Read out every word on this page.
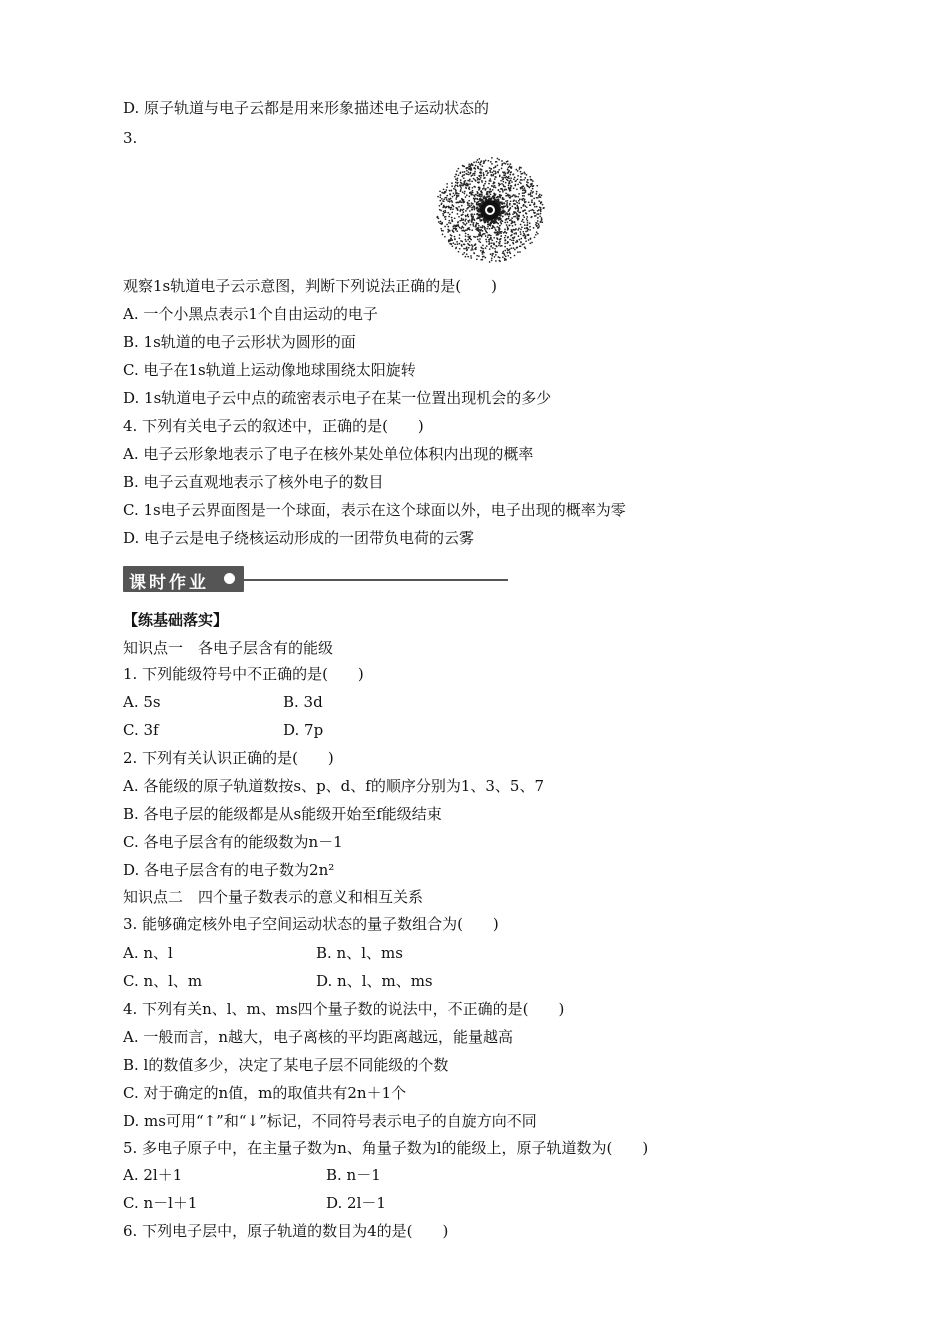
D. 原子轨道与电子云都是用来形象描述电子运动状态的
3.
观察1s轨道电子云示意图，判断下列说法正确的是(　　)
A. 一个小黑点表示1个自由运动的电子
B. 1s轨道的电子云形状为圆形的面
C. 电子在1s轨道上运动像地球围绕太阳旋转
D. 1s轨道电子云中点的疏密表示电子在某一位置出现机会的多少
4. 下列有关电子云的叙述中，正确的是(　　)
A. 电子云形象地表示了电子在核外某处单位体积内出现的概率
B. 电子云直观地表示了核外电子的数目
C. 1s电子云界面图是一个球面，表示在这个球面以外，电子出现的概率为零
D. 电子云是电子绕核运动形成的一团带负电荷的云雾
课时作业
【练基础落实】
知识点一　各电子层含有的能级
1. 下列能级符号中不正确的是(　　)
A. 5s	B. 3d
C. 3f	D. 7p
2. 下列有关认识正确的是(　　)
A. 各能级的原子轨道数按s、p、d、f的顺序分别为1、3、5、7
B. 各电子层的能级都是从s能级开始至f能级结束
C. 各电子层含有的能级数为n－1
D. 各电子层含有的电子数为2n²
知识点二　四个量子数表示的意义和相互关系
3. 能够确定核外电子空间运动状态的量子数组合为(　　)
A. n、l	B. n、l、ms
C. n、l、m	D. n、l、m、ms
4. 下列有关n、l、m、ms四个量子数的说法中，不正确的是(　　)
A. 一般而言，n越大，电子离核的平均距离越远，能量越高
B. l的数值多少，决定了某电子层不同能级的个数
C. 对于确定的n值，m的取值共有2n＋1个
D. ms可用“↑”和“↓”标记，不同符号表示电子的自旋方向不同
5. 多电子原子中，在主量子数为n、角量子数为l的能级上，原子轨道数为(　　)
A. 2l＋1	B. n－1
C. n－l＋1	D. 2l－1
6. 下列电子层中，原子轨道的数目为4的是(　　)
